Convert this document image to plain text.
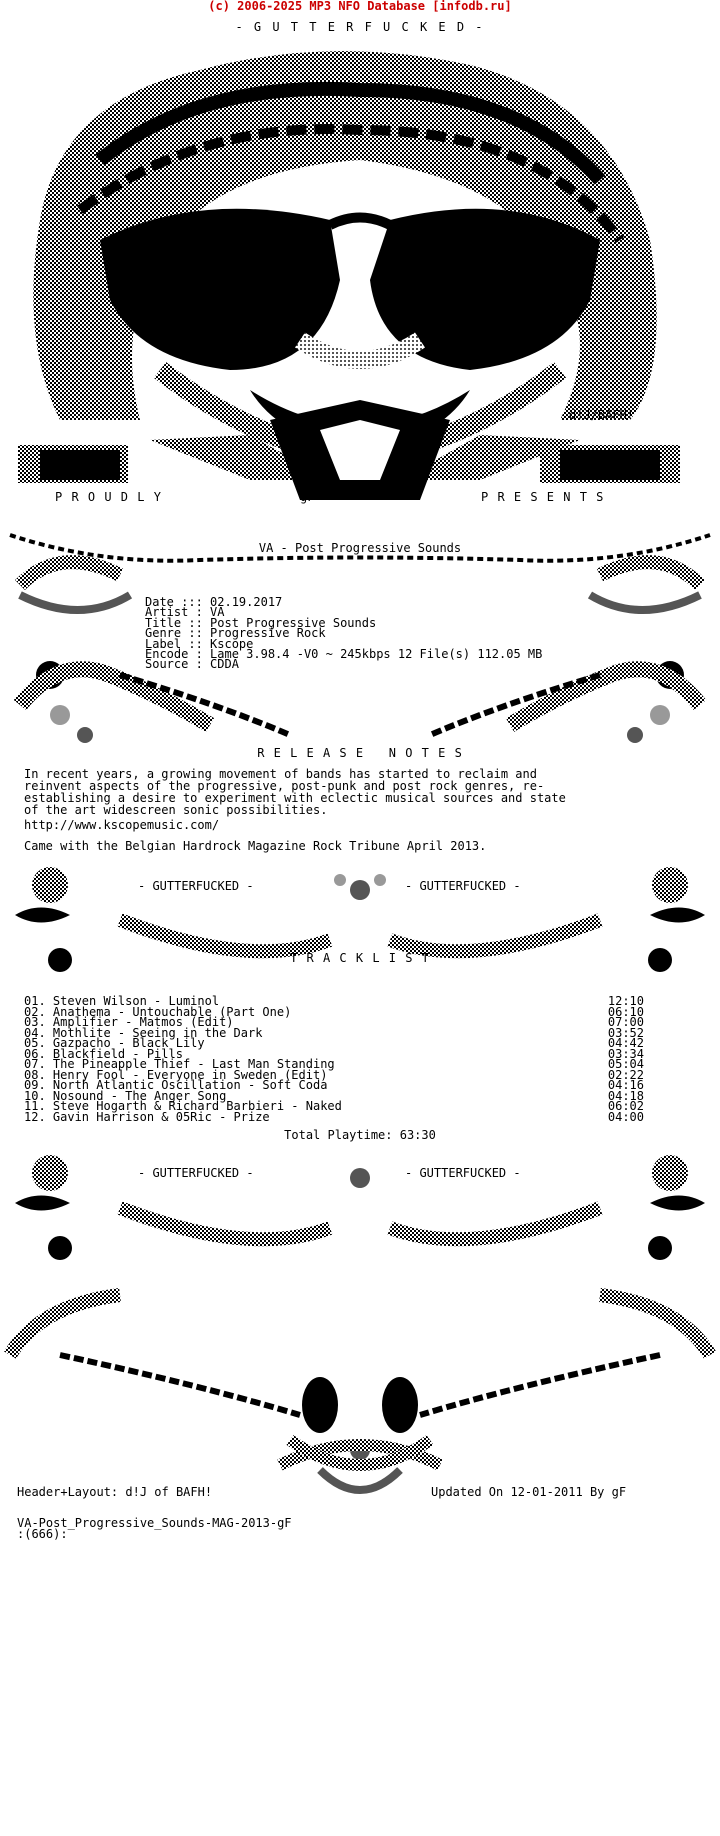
(c) 2006-2025 MP3 NFO Database [infodb.ru]
- G U T T E R F U C K E D -
d!J/BAFH!
P R O U D L Y	gF	P R E S E N T S
VA - Post Progressive Sounds
Date ::: 02.19.2017
Artist : VA
Title :: Post Progressive Sounds
Genre :: Progressive Rock
Label :: Kscope
Encode : Lame 3.98.4 -V0 ~ 245kbps 12 File(s) 112.05 MB
Source : CDDA
R E L E A S E   N O T E S
In recent years, a growing movement of bands has started to reclaim and
reinvent aspects of the progressive, post-punk and post rock genres, re-
establishing a desire to experiment with eclectic musical sources and state
of the art widescreen sonic possibilities.
http://www.kscopemusic.com/
Came with the Belgian Hardrock Magazine Rock Tribune April 2013.
- GUTTERFUCKED -	- GUTTERFUCKED -
T R A C K L I S T
01. Steven Wilson - Luminol	12:10
02. Anathema - Untouchable (Part One)	06:10
03. Amplifier - Matmos (Edit)	07:00
04. Mothlite - Seeing in the Dark	03:52
05. Gazpacho - Black Lily	04:42
06. Blackfield - Pills	03:34
07. The Pineapple Thief - Last Man Standing	05:04
08. Henry Fool - Everyone in Sweden (Edit)	02:22
09. North Atlantic Oscillation - Soft Coda	04:16
10. Nosound - The Anger Song	04:18
11. Steve Hogarth & Richard Barbieri - Naked	06:02
12. Gavin Harrison & 05Ric - Prize	04:00
Total Playtime: 63:30
- GUTTERFUCKED -	- GUTTERFUCKED -
Header+Layout: d!J of BAFH!	Updated On 12-01-2011 By gF
VA-Post_Progressive_Sounds-MAG-2013-gF
:(666):
